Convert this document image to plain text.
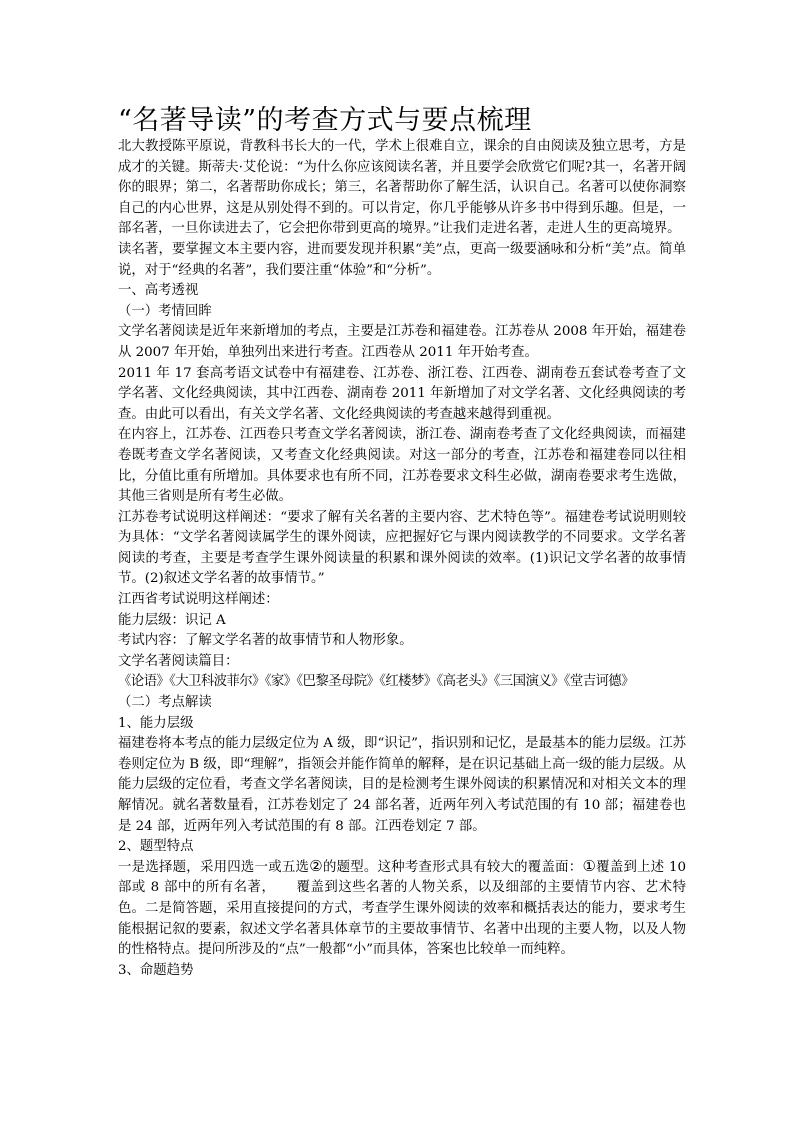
“名著导读”的考查方式与要点梳理

北大教授陈平原说，背教科书长大的一代，学术上很难自立，课余的自由阅读及独立思考，方是成才的关键。斯蒂夫·艾伦说：“为什么你应该阅读名著，并且要学会欣赏它们呢?其一，名著开阔你的眼界；第二，名著帮助你成长；第三，名著帮助你了解生活，认识自己。名著可以使你洞察自己的内心世界，这是从别处得不到的。可以肯定，你几乎能够从许多书中得到乐趣。但是，一部名著，一旦你读进去了，它会把你带到更高的境界。”让我们走进名著，走进人生的更高境界。

读名著，要掌握文本主要内容，进而要发现并积累“美”点，更高一级要涵咏和分析“美”点。简单说，对于“经典的名著”，我们要注重“体验”和“分析”。

一、高考透视

（一）考情回眸

文学名著阅读是近年来新增加的考点，主要是江苏卷和福建卷。江苏卷从 2008 年开始，福建卷从 2007 年开始，单独列出来进行考查。江西卷从 2011 年开始考查。

2011 年 17 套高考语文试卷中有福建卷、江苏卷、浙江卷、江西卷、湖南卷五套试卷考查了文学名著、文化经典阅读，其中江西卷、湖南卷 2011 年新增加了对文学名著、文化经典阅读的考查。由此可以看出，有关文学名著、文化经典阅读的考查越来越得到重视。

在内容上，江苏卷、江西卷只考查文学名著阅读，浙江卷、湖南卷考查了文化经典阅读，而福建卷既考查文学名著阅读，又考查文化经典阅读。对这一部分的考查，江苏卷和福建卷同以往相比，分值比重有所增加。具体要求也有所不同，江苏卷要求文科生必做，湖南卷要求考生选做，其他三省则是所有考生必做。

江苏卷考试说明这样阐述：“要求了解有关名著的主要内容、艺术特色等”。福建卷考试说明则较为具体：“文学名著阅读属学生的课外阅读，应把握好它与课内阅读教学的不同要求。文学名著阅读的考查，主要是考查学生课外阅读量的积累和课外阅读的效率。(1)识记文学名著的故事情节。(2)叙述文学名著的故事情节。”

江西省考试说明这样阐述：

能力层级：识记 A

考试内容：了解文学名著的故事情节和人物形象。

文学名著阅读篇目：

《论语》《大卫科波菲尔》《家》《巴黎圣母院》《红楼梦》《高老头》《三国演义》《堂吉诃德》

（二）考点解读

1、能力层级

福建卷将本考点的能力层级定位为 A 级，即“识记”，指识别和记忆，是最基本的能力层级。江苏卷则定位为 B 级，即“理解”，指领会并能作简单的解释，是在识记基础上高一级的能力层级。从能力层级的定位看，考查文学名著阅读，目的是检测考生课外阅读的积累情况和对相关文本的理解情况。就名著数量看，江苏卷划定了 24 部名著，近两年列入考试范围的有 10 部；福建卷也是 24 部，近两年列入考试范围的有 8 部。江西卷划定 7 部。

2、题型特点

一是选择题，采用四选一或五选②的题型。这种考查形式具有较大的覆盖面：①覆盖到上述 10 部或 8 部中的所有名著，　　 覆盖到这些名著的人物关系，以及细部的主要情节内容、艺术特色。二是简答题，采用直接提问的方式，考查学生课外阅读的效率和概括表达的能力，要求考生能根据记叙的要素，叙述文学名著具体章节的主要故事情节、名著中出现的主要人物，以及人物的性格特点。提问所涉及的“点”一般都“小”而具体，答案也比较单一而纯粹。

3、命题趋势
